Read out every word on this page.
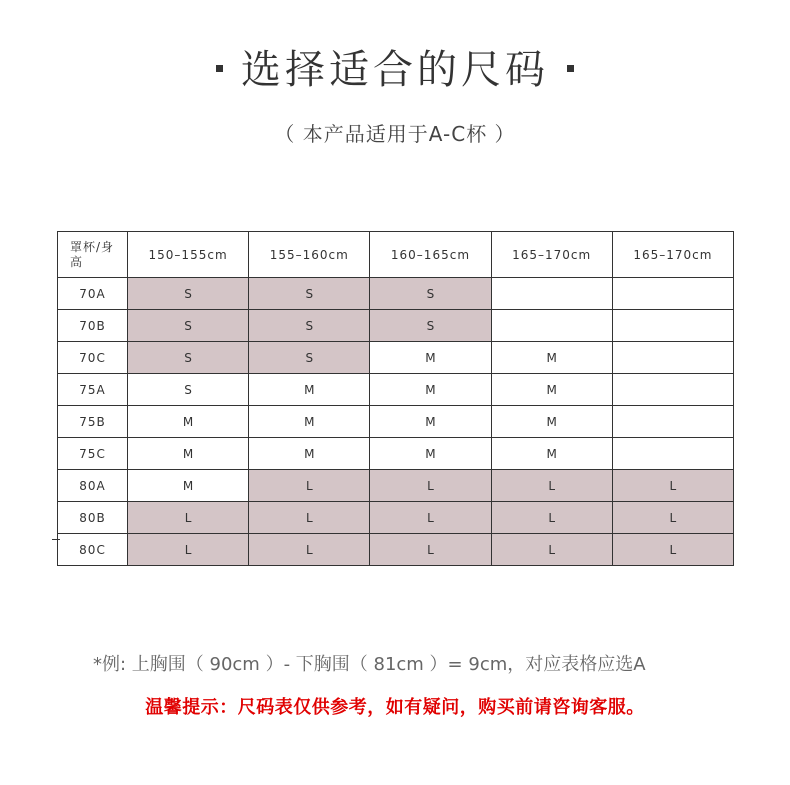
选择适合的尺码
（ 本产品适用于A-C杯 ）
罩杯/身高	150–155cm	155–160cm	160–165cm	165–170cm	165–170cm
70A	S	S	S		
70B	S	S	S		
70C	S	S	M	M	
75A	S	M	M	M	
75B	M	M	M	M	
75C	M	M	M	M	
80A	M	L	L	L	L
80B	L	L	L	L	L
80C	L	L	L	L	L
*例: 上胸围（ 90cm ）- 下胸围（ 81cm ）= 9cm，对应表格应选A
温馨提示：尺码表仅供参考，如有疑问，购买前请咨询客服。
